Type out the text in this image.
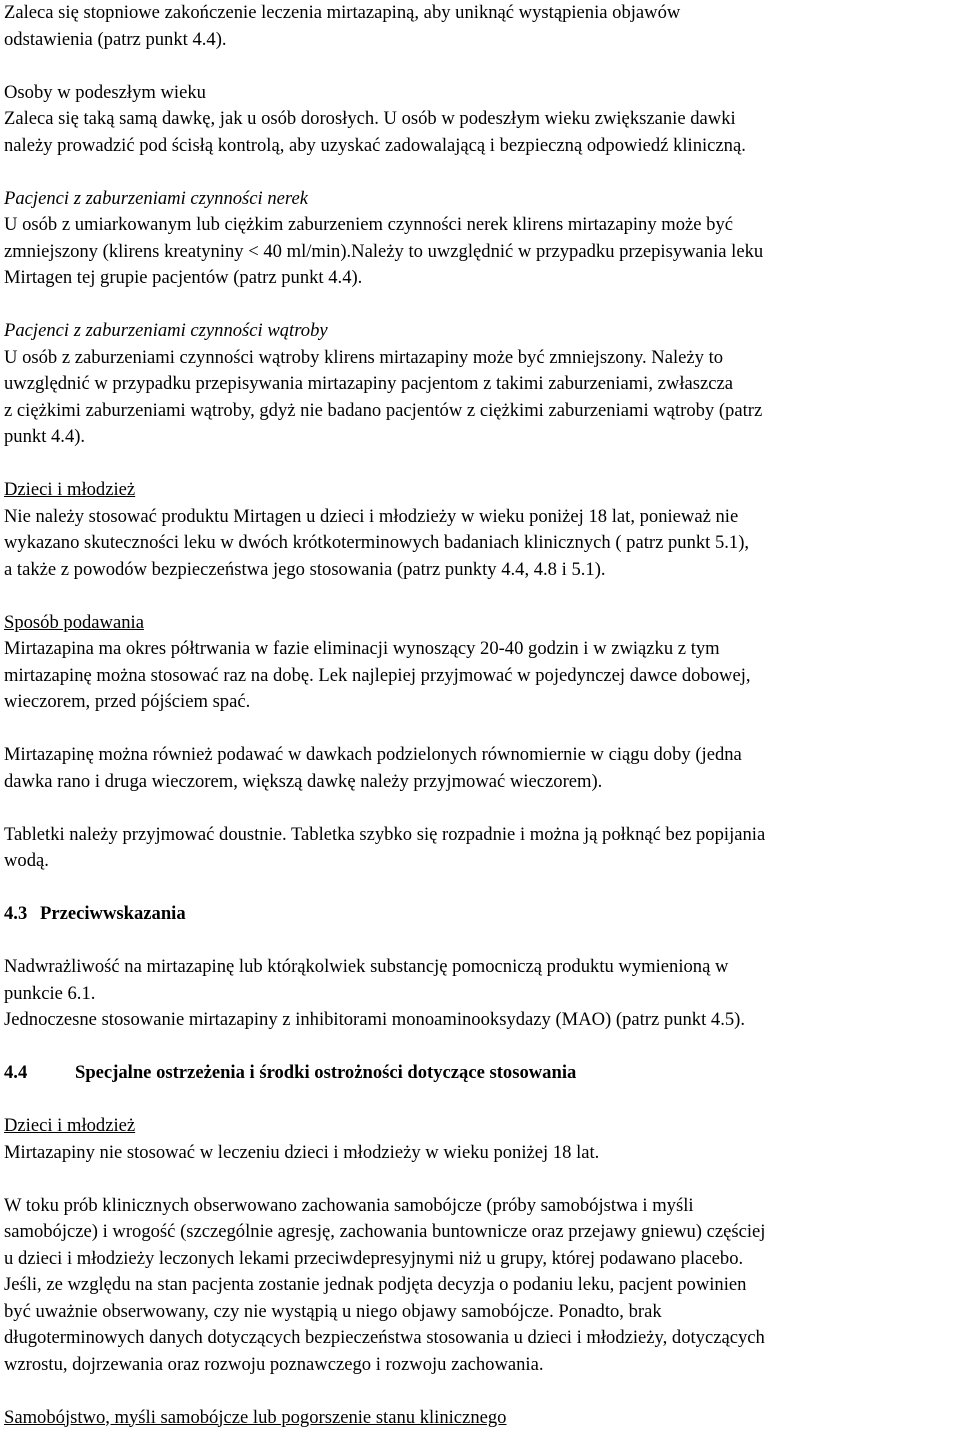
Zaleca się stopniowe zakończenie leczenia mirtazapiną, aby uniknąć wystąpienia objawów
odstawienia (patrz punkt 4.4).
Osoby w podeszłym wieku
Zaleca się taką samą dawkę, jak u osób dorosłych. U osób w podeszłym wieku zwiększanie dawki
należy prowadzić pod ścisłą kontrolą, aby uzyskać zadowalającą i bezpieczną odpowiedź kliniczną.
Pacjenci z zaburzeniami czynności nerek
U osób z umiarkowanym lub ciężkim zaburzeniem czynności nerek klirens mirtazapiny może być
zmniejszony (klirens kreatyniny < 40 ml/min).Należy to uwzględnić w przypadku przepisywania leku
Mirtagen tej grupie pacjentów (patrz punkt 4.4).
Pacjenci z zaburzeniami czynności wątroby
U osób z zaburzeniami czynności wątroby klirens mirtazapiny może być zmniejszony. Należy to
uwzględnić w przypadku przepisywania mirtazapiny pacjentom z takimi zaburzeniami, zwłaszcza
z ciężkimi zaburzeniami wątroby, gdyż nie badano pacjentów z ciężkimi zaburzeniami wątroby (patrz
punkt 4.4).
Dzieci i młodzież
Nie należy stosować produktu Mirtagen u dzieci i młodzieży w wieku poniżej 18 lat, ponieważ nie
wykazano skuteczności leku w dwóch krótkoterminowych badaniach klinicznych ( patrz punkt 5.1),
a także z powodów bezpieczeństwa jego stosowania (patrz punkty 4.4, 4.8 i 5.1).
Sposób podawania
Mirtazapina ma okres półtrwania w fazie eliminacji wynoszący 20-40 godzin i w związku z tym
mirtazapinę można stosować raz na dobę. Lek najlepiej przyjmować w pojedynczej dawce dobowej,
wieczorem, przed pójściem spać.
Mirtazapinę można również podawać w dawkach podzielonych równomiernie w ciągu doby (jedna
dawka rano i druga wieczorem, większą dawkę należy przyjmować wieczorem).
Tabletki należy przyjmować doustnie. Tabletka szybko się rozpadnie i można ją połknąć bez popijania
wodą.
4.3 Przeciwwskazania
Nadwrażliwość na mirtazapinę lub którąkolwiek substancję pomocniczą produktu wymienioną w
punkcie 6.1.
Jednoczesne stosowanie mirtazapiny z inhibitorami monoaminooksydazy (MAO) (patrz punkt 4.5).
4.4	Specjalne ostrzeżenia i środki ostrożności dotyczące stosowania
Dzieci i młodzież
Mirtazapiny nie stosować w leczeniu dzieci i młodzieży w wieku poniżej 18 lat.
W toku prób klinicznych obserwowano zachowania samobójcze (próby samobójstwa i myśli
samobójcze) i wrogość (szczególnie agresję, zachowania buntownicze oraz przejawy gniewu) częściej
u dzieci i młodzieży leczonych lekami przeciwdepresyjnymi niż u grupy, której podawano placebo.
Jeśli, ze względu na stan pacjenta zostanie jednak podjęta decyzja o podaniu leku, pacjent powinien
być uważnie obserwowany, czy nie wystąpią u niego objawy samobójcze. Ponadto, brak
długoterminowych danych dotyczących bezpieczeństwa stosowania u dzieci i młodzieży, dotyczących
wzrostu, dojrzewania oraz rozwoju poznawczego i rozwoju zachowania.
Samobójstwo, myśli samobójcze lub pogorszenie stanu klinicznego
